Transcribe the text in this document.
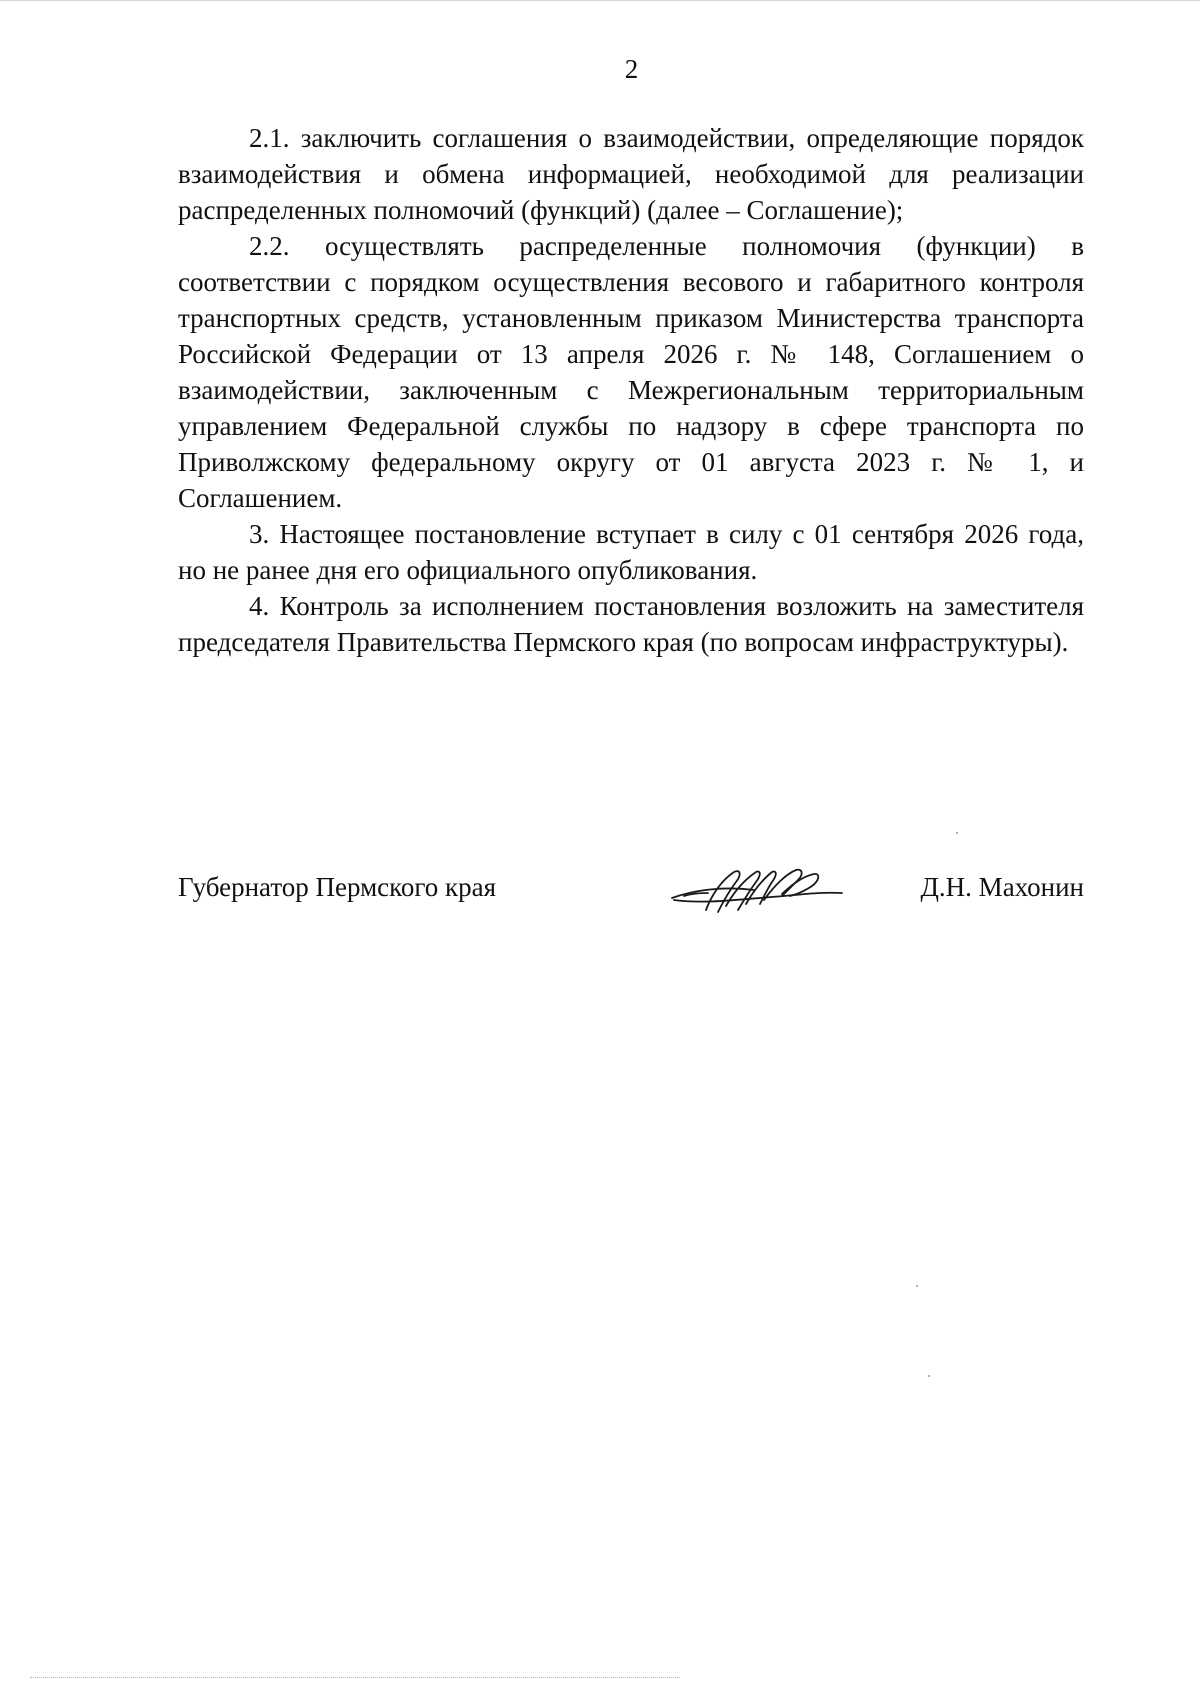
2

2.1. заключить соглашения о взаимодействии, определяющие порядок взаимодействия и обмена информацией, необходимой для реализации распределенных полномочий (функций) (далее – Соглашение);

2.2. осуществлять распределенные полномочия (функции) в соответствии с порядком осуществления весового и габаритного контроля транспортных средств, установленным приказом Министерства транспорта Российской Федерации от 13 апреля 2026 г. № 148, Соглашением о взаимодействии, заключенным с Межрегиональным территориальным управлением Федеральной службы по надзору в сфере транспорта по Приволжскому федеральному округу от 01 августа 2023 г. № 1, и Соглашением.

3. Настоящее постановление вступает в силу с 01 сентября 2026 года, но не ранее дня его официального опубликования.

4. Контроль за исполнением постановления возложить на заместителя председателя Правительства Пермского края (по вопросам инфраструктуры).

Губернатор Пермского края	Д.Н. Махонин
